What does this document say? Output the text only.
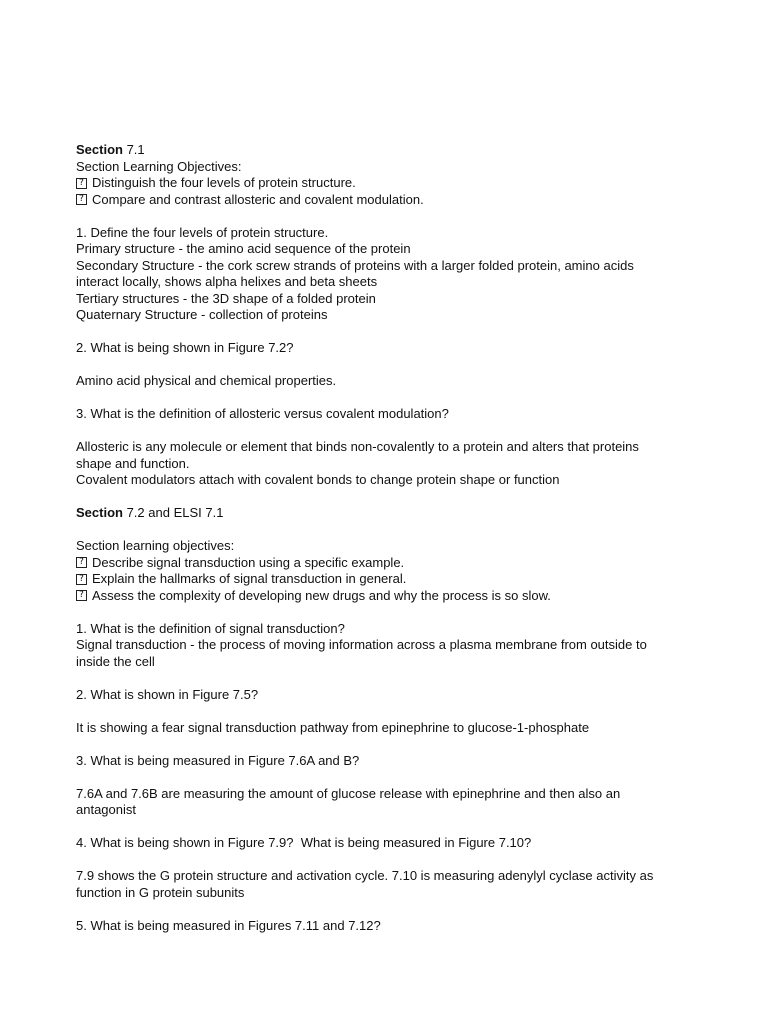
Section 7.1
Section Learning Objectives:
? Distinguish the four levels of protein structure.
? Compare and contrast allosteric and covalent modulation.
1. Define the four levels of protein structure.
Primary structure - the amino acid sequence of the protein
Secondary Structure - the cork screw strands of proteins with a larger folded protein, amino acids
interact locally, shows alpha helixes and beta sheets
Tertiary structures - the 3D shape of a folded protein
Quaternary Structure - collection of proteins
2. What is being shown in Figure 7.2?
Amino acid physical and chemical properties.
3. What is the definition of allosteric versus covalent modulation?
Allosteric is any molecule or element that binds non-covalently to a protein and alters that proteins
shape and function.
Covalent modulators attach with covalent bonds to change protein shape or function
Section 7.2 and ELSI 7.1
Section learning objectives:
? Describe signal transduction using a specific example.
? Explain the hallmarks of signal transduction in general.
? Assess the complexity of developing new drugs and why the process is so slow.
1. What is the definition of signal transduction?
Signal transduction - the process of moving information across a plasma membrane from outside to
inside the cell
2. What is shown in Figure 7.5?
It is showing a fear signal transduction pathway from epinephrine to glucose-1-phosphate
3. What is being measured in Figure 7.6A and B?
7.6A and 7.6B are measuring the amount of glucose release with epinephrine and then also an
antagonist
4. What is being shown in Figure 7.9?  What is being measured in Figure 7.10?
7.9 shows the G protein structure and activation cycle. 7.10 is measuring adenylyl cyclase activity as
function in G protein subunits
5. What is being measured in Figures 7.11 and 7.12?
